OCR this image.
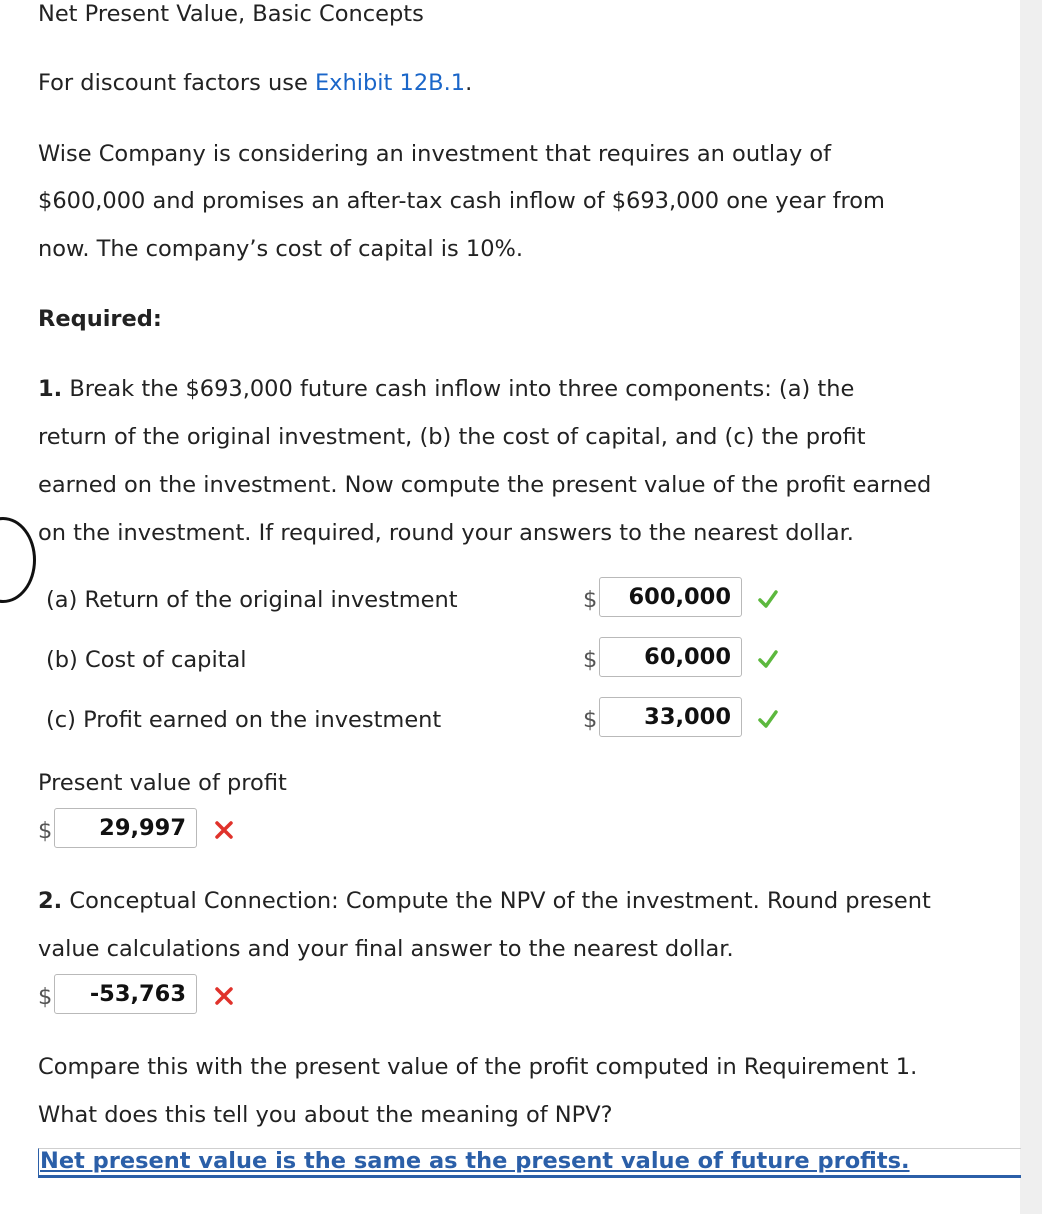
Net Present Value, Basic Concepts
For discount factors use Exhibit 12B.1.
Wise Company is considering an investment that requires an outlay of
$600,000 and promises an after-tax cash inflow of $693,000 one year from
now. The company’s cost of capital is 10%.
Required:
1. Break the $693,000 future cash inflow into three components: (a) the
return of the original investment, (b) the cost of capital, and (c) the profit
earned on the investment. Now compute the present value of the profit earned
on the investment. If required, round your answers to the nearest dollar.
(a) Return of the original investment	$	600,000
(b) Cost of capital	$	60,000
(c) Profit earned on the investment	$	33,000
Present value of profit
$	29,997
2. Conceptual Connection: Compute the NPV of the investment. Round present
value calculations and your final answer to the nearest dollar.
$	-53,763
Compare this with the present value of the profit computed in Requirement 1.
What does this tell you about the meaning of NPV?
Net present value is the same as the present value of future profits.
